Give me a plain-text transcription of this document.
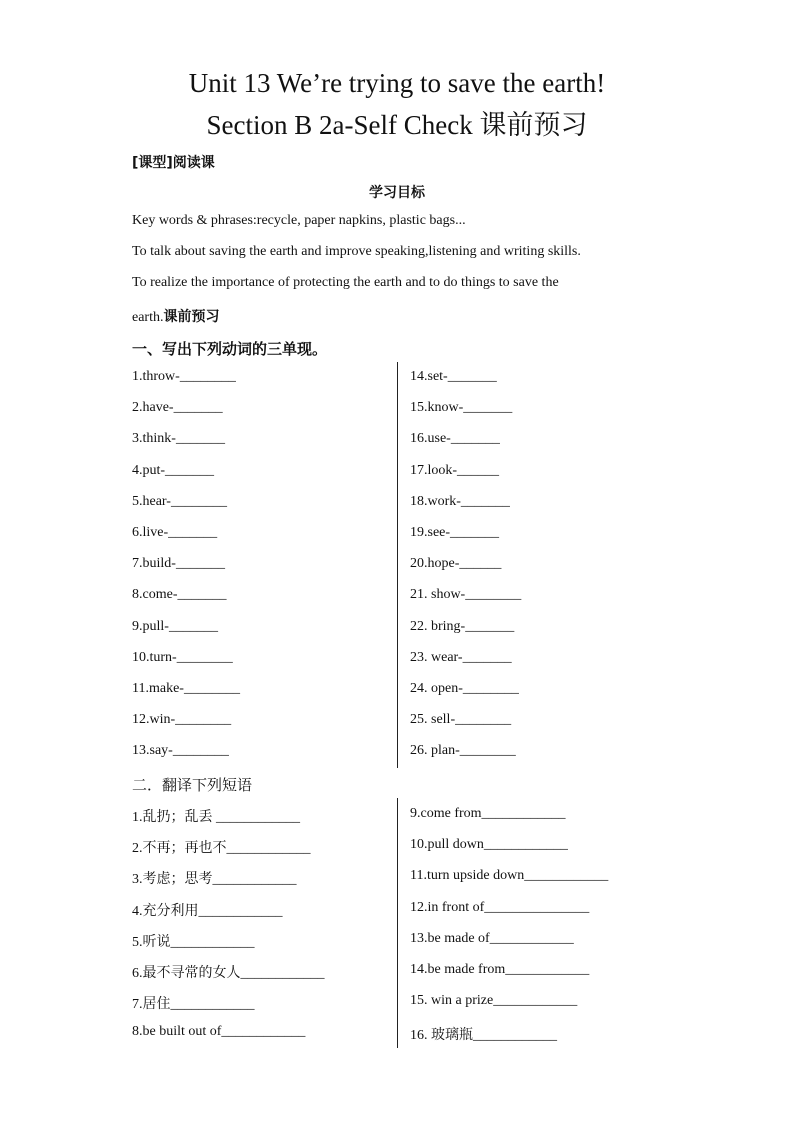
Unit 13 We’re trying to save the earth!
Section B 2a-Self Check 课前预习
[课型]阅读课
学习目标
Key words & phrases:recycle, paper napkins, plastic bags...
To talk about saving the earth and improve speaking,listening and writing skills.
To realize the importance of protecting the earth and to do things to save the
earth.课前预习
一、写出下列动词的三单现。
1.throw-________
2.have-_______
3.think-_______
4.put-_______
5.hear-________
6.live-_______
7.build-_______
8.come-_______
9.pull-_______
10.turn-________
11.make-________
12.win-________
13.say-________
14.set-_______
15.know-_______
16.use-_______
17.look-______
18.work-_______
19.see-_______
20.hope-______
21. show-________
22. bring-_______
23. wear-_______
24. open-________
25. sell-________
26. plan-________
二．翻译下列短语
1.乱扔；乱丢 ____________
2.不再；再也不____________
3.考虑；思考____________
4.充分利用____________
5.听说____________
6.最不寻常的女人____________
7.居住____________
8.be built out of____________
9.come from____________
10.pull down____________
11.turn upside down____________
12.in front of_______________
13.be made of____________
14.be made from____________
15. win a prize____________
16. 玻璃瓶____________
